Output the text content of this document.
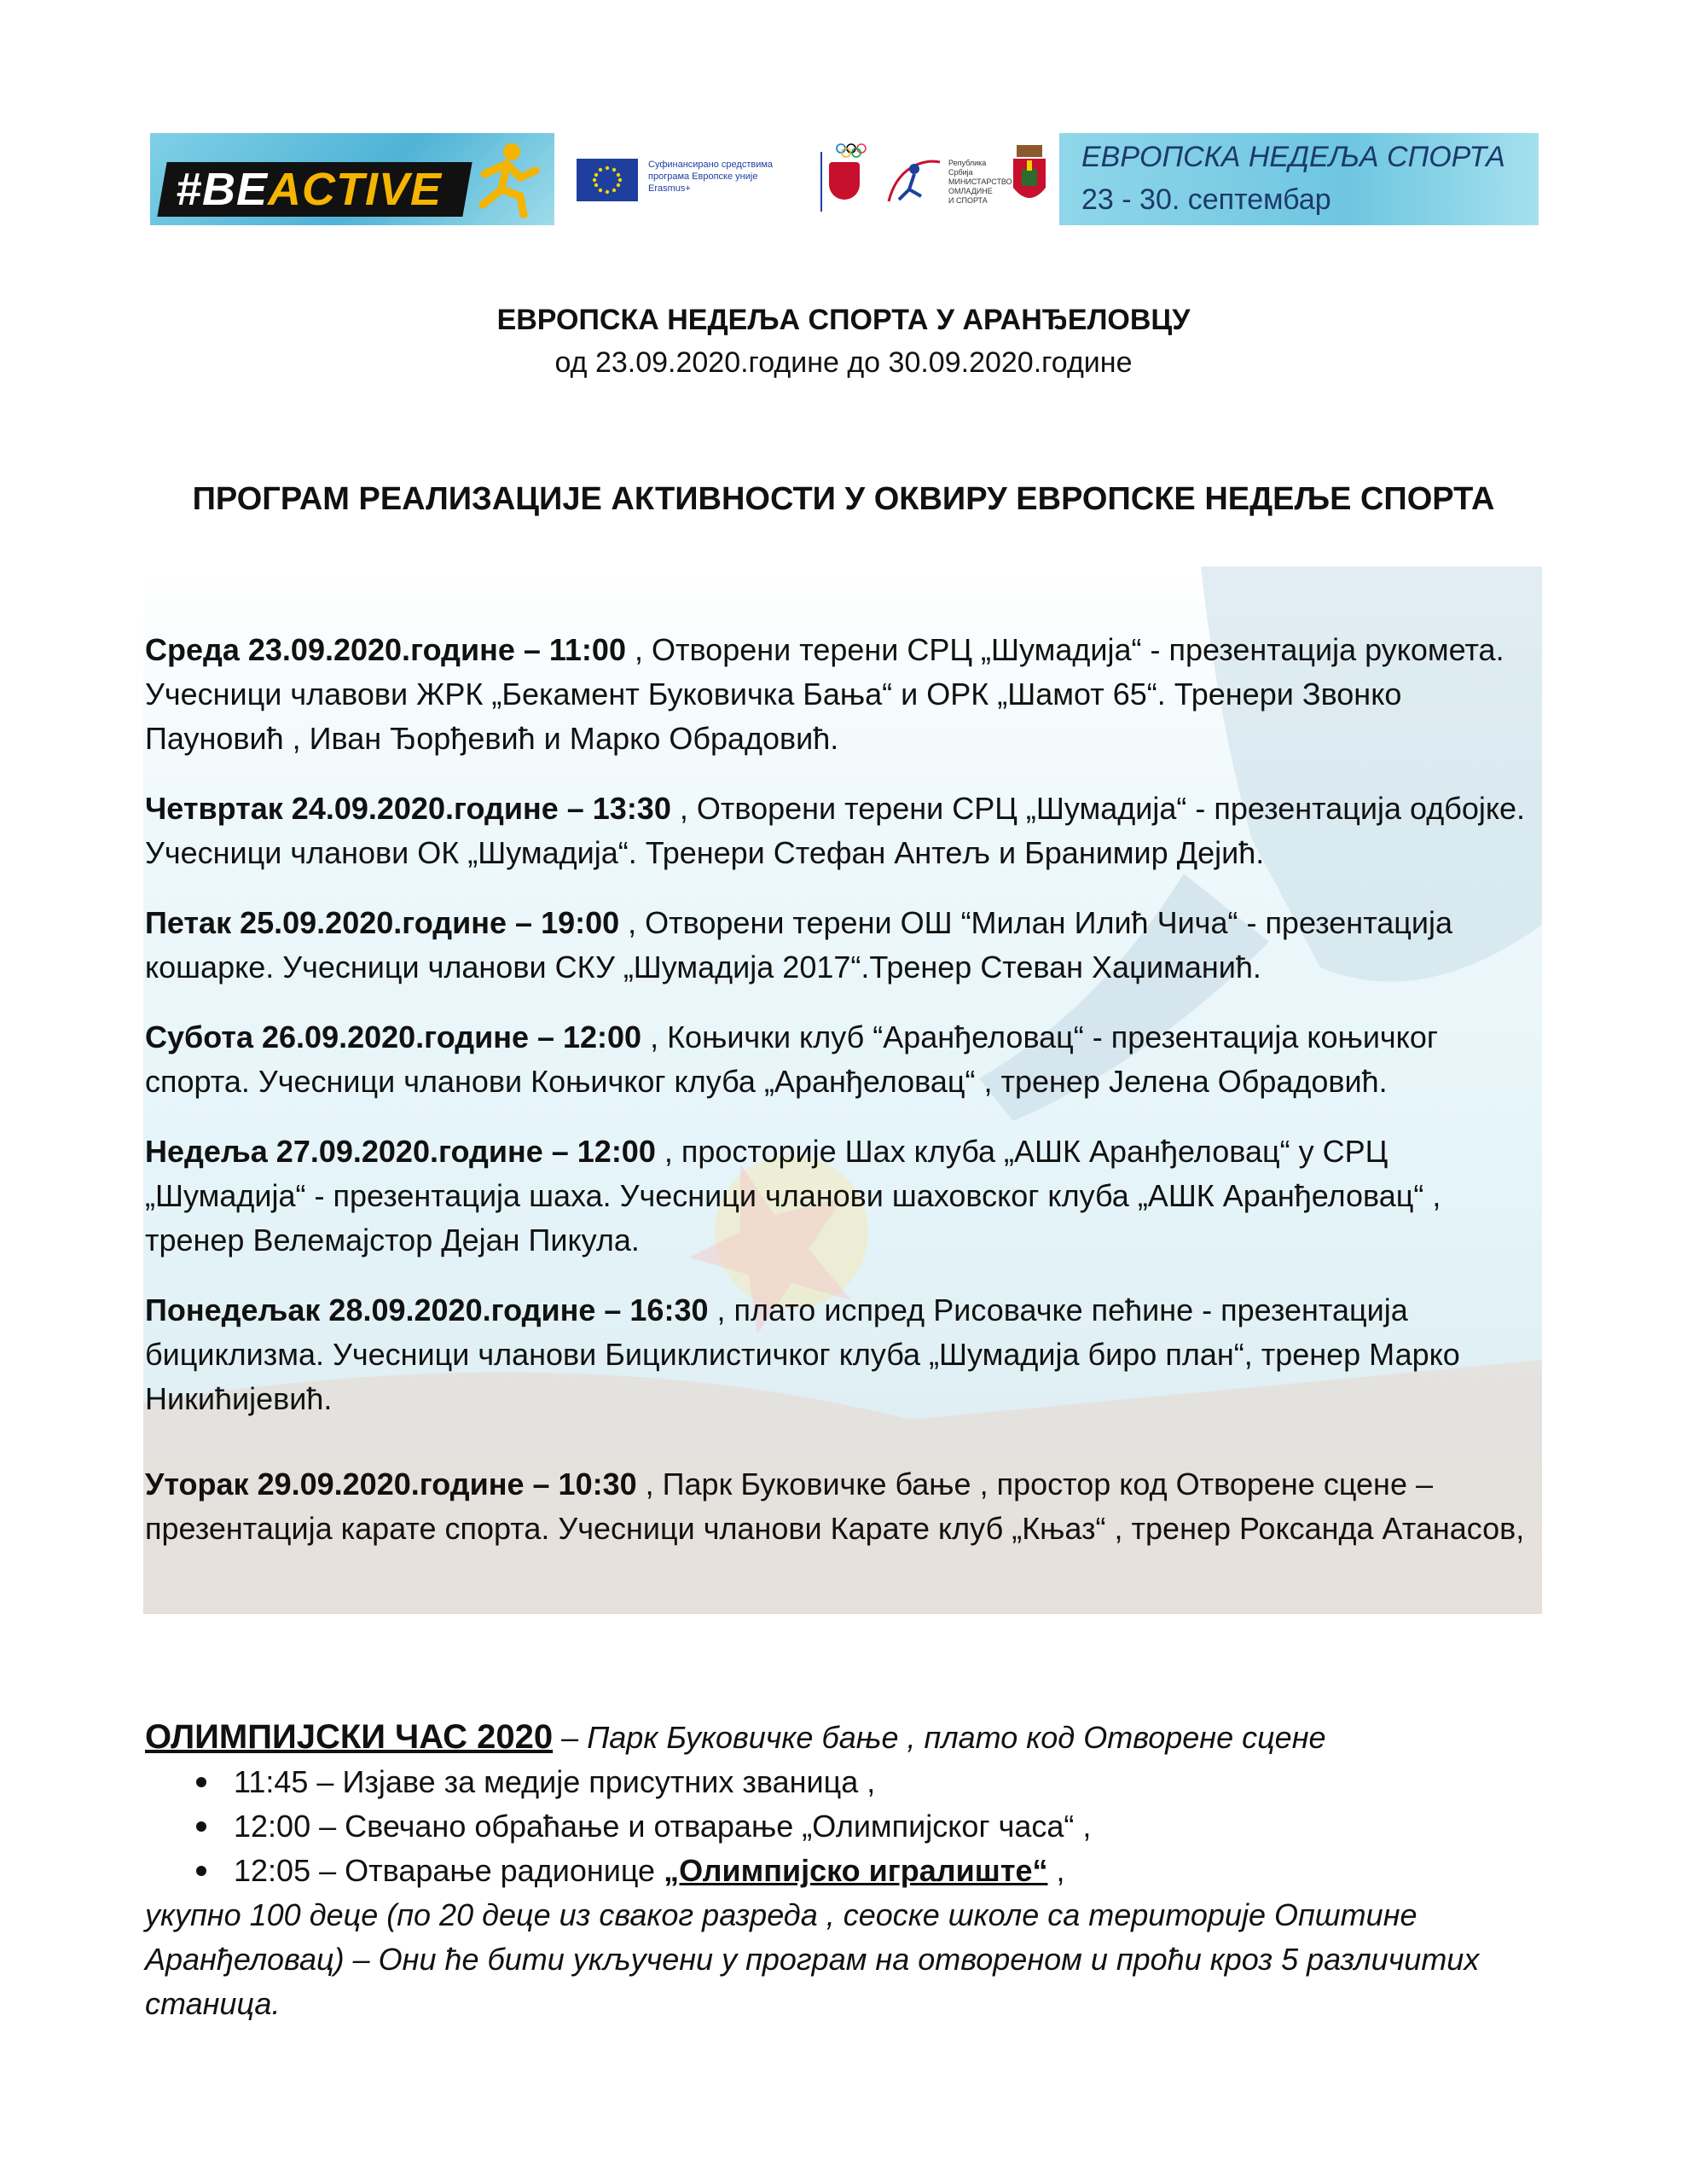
#BEACTIVE	Суфинансирано средствима програма Европске уније Erasmus+
Република Србија МИНИСТАРСТВО ОМЛАДИНЕ И СПОРТА
ЕВРОПСКА НЕДЕЉА СПОРТА
23 - 30. септембар
ЕВРОПСКА НЕДЕЉА СПОРТА У АРАНЂЕЛОВЦУ
од 23.09.2020.године до 30.09.2020.године
ПРОГРАМ РЕАЛИЗАЦИЈЕ АКТИВНОСТИ У ОКВИРУ ЕВРОПСКЕ НЕДЕЉЕ СПОРТА

Среда 23.09.2020.године – 11:00 , Отворени терени СРЦ „Шумадија“ - презентација рукомета. Учесници члавови ЖРК „Бекамент Буковичка Бања“ и ОРК „Шамот 65“. Тренери Звонко Пауновић , Иван Ђорђевић и Марко Обрадовић.

Четвртак 24.09.2020.године – 13:30 , Отворени терени СРЦ „Шумадија“ - презентација одбојке. Учесници чланови ОК „Шумадија“. Тренери Стефан Антељ и Бранимир Дејић.

Петак 25.09.2020.године – 19:00 , Отворени терени ОШ “Милан Илић Чича“ - презентација кошарке. Учесници чланови СКУ „Шумадија 2017“.Тренер Стеван Хаџиманић.

Субота 26.09.2020.године – 12:00 , Коњички клуб “Аранђеловац“ - презентација коњичког спорта. Учесници чланови Коњичког клуба „Аранђеловац“ , тренер Јелена Обрадовић.

Недеља 27.09.2020.године – 12:00 , просторије Шах клуба „АШК Аранђеловац“ у СРЦ „Шумадија“ - презентација шаха. Учесници чланови шаховског клуба „АШК Аранђеловац“ , тренер Велемајстор Дејан Пикула.

Понедељак 28.09.2020.године – 16:30 , плато испред Рисовачке пећине - презентација бициклизма. Учесници чланови Бициклистичког клуба „Шумадија биро план“, тренер Марко Никићијевић.

Уторак 29.09.2020.године – 10:30 , Парк Буковичке бање , простор код Отворене сцене – презентација карате спорта. Учесници чланови Карате клуб „Књаз“ , тренер Роксанда Атанасов,

ОЛИМПИЈСКИ ЧАС 2020 – Парк Буковичке бање , плато код Отворене сцене
11:45 – Изјаве за медије присутних званица ,
12:00 – Свечано обраћање и отварање „Олимпијског часа“ ,
12:05 – Отварање радионице „Олимпијско игралиште“ ,
укупно 100 деце (по 20 деце из сваког разреда , сеоске школе са територије Општине Аранђеловац) – Они ће бити укључени у програм на отвореном и проћи кроз 5 различитих станица.
